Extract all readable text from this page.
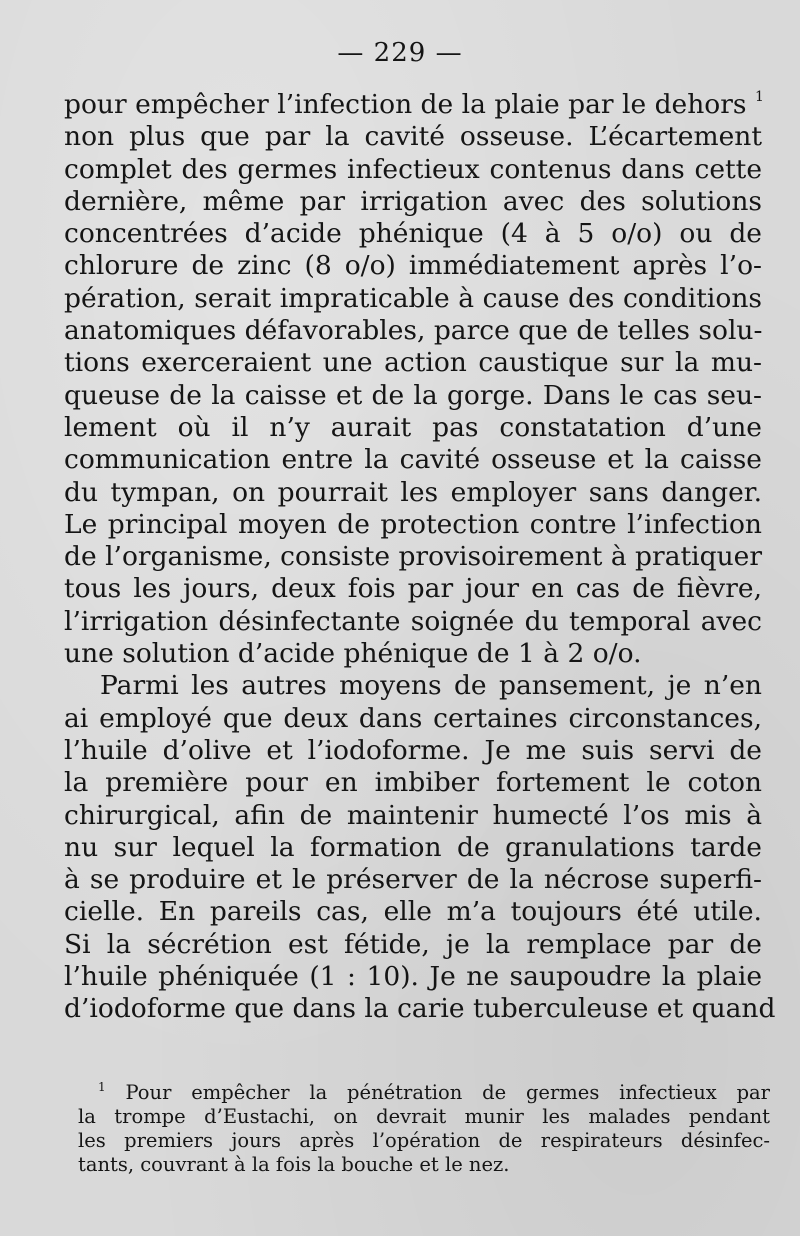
— 229 —
pour empêcher l’infection de la plaie par le dehors $^1$
non plus que par la cavité osseuse. L’écartement
complet des germes infectieux contenus dans cette
dernière, même par irrigation avec des solutions
concentrées d’acide phénique (4 à 5 o/o) ou de
chlorure de zinc (8 o/o) immédiatement après l’o-
pération, serait impraticable à cause des conditions
anatomiques défavorables, parce que de telles solu-
tions exerceraient une action caustique sur la mu-
queuse de la caisse et de la gorge. Dans le cas seu-
lement où il n’y aurait pas constatation d’une
communication entre la cavité osseuse et la caisse
du tympan, on pourrait les employer sans danger.
Le principal moyen de protection contre l’infection
de l’organisme, consiste provisoirement à pratiquer
tous les jours, deux fois par jour en cas de fièvre,
l’irrigation désinfectante soignée du temporal avec
une solution d’acide phénique de 1 à 2 o/o.
Parmi les autres moyens de pansement, je n’en
ai employé que deux dans certaines circonstances,
l’huile d’olive et l’iodoforme. Je me suis servi de
la première pour en imbiber fortement le coton
chirurgical, afin de maintenir humecté l’os mis à
nu sur lequel la formation de granulations tarde
à se produire et le préserver de la nécrose superfi-
cielle. En pareils cas, elle m’a toujours été utile.
Si la sécrétion est fétide, je la remplace par de
l’huile phéniquée (1 : 10). Je ne saupoudre la plaie
d’iodoforme que dans la carie tuberculeuse et quand
$^1$ Pour empêcher la pénétration de germes infectieux par
la trompe d’Eustachi, on devrait munir les malades pendant
les premiers jours après l’opération de respirateurs désinfec-
tants, couvrant à la fois la bouche et le nez.
